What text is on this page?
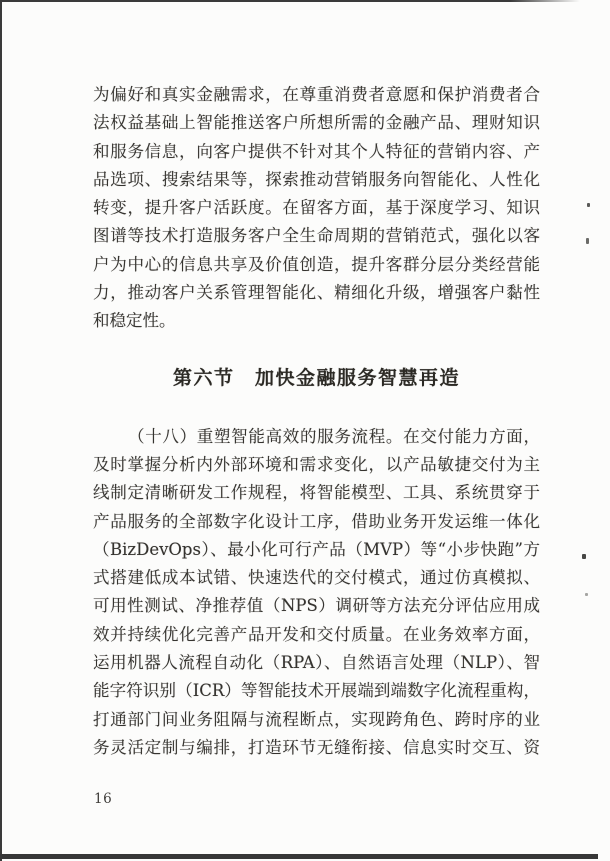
为偏好和真实金融需求，在尊重消费者意愿和保护消费者合
法权益基础上智能推送客户所想所需的金融产品、理财知识
和服务信息，向客户提供不针对其个人特征的营销内容、产
品选项、搜索结果等，探索推动营销服务向智能化、人性化
转变，提升客户活跃度。在留客方面，基于深度学习、知识
图谱等技术打造服务客户全生命周期的营销范式，强化以客
户为中心的信息共享及价值创造，提升客群分层分类经营能
力，推动客户关系管理智能化、精细化升级，增强客户黏性
和稳定性。
第六节　加快金融服务智慧再造
（十八）重塑智能高效的服务流程。在交付能力方面，
及时掌握分析内外部环境和需求变化，以产品敏捷交付为主
线制定清晰研发工作规程，将智能模型、工具、系统贯穿于
产品服务的全部数字化设计工序，借助业务开发运维一体化
（BizDevOps）、最小化可行产品（MVP）等“小步快跑”方
式搭建低成本试错、快速迭代的交付模式，通过仿真模拟、
可用性测试、净推荐值（NPS）调研等方法充分评估应用成
效并持续优化完善产品开发和交付质量。在业务效率方面，
运用机器人流程自动化（RPA）、自然语言处理（NLP）、智
能字符识别（ICR）等智能技术开展端到端数字化流程重构，
打通部门间业务阻隔与流程断点，实现跨角色、跨时序的业
务灵活定制与编排，打造环节无缝衔接、信息实时交互、资
16
